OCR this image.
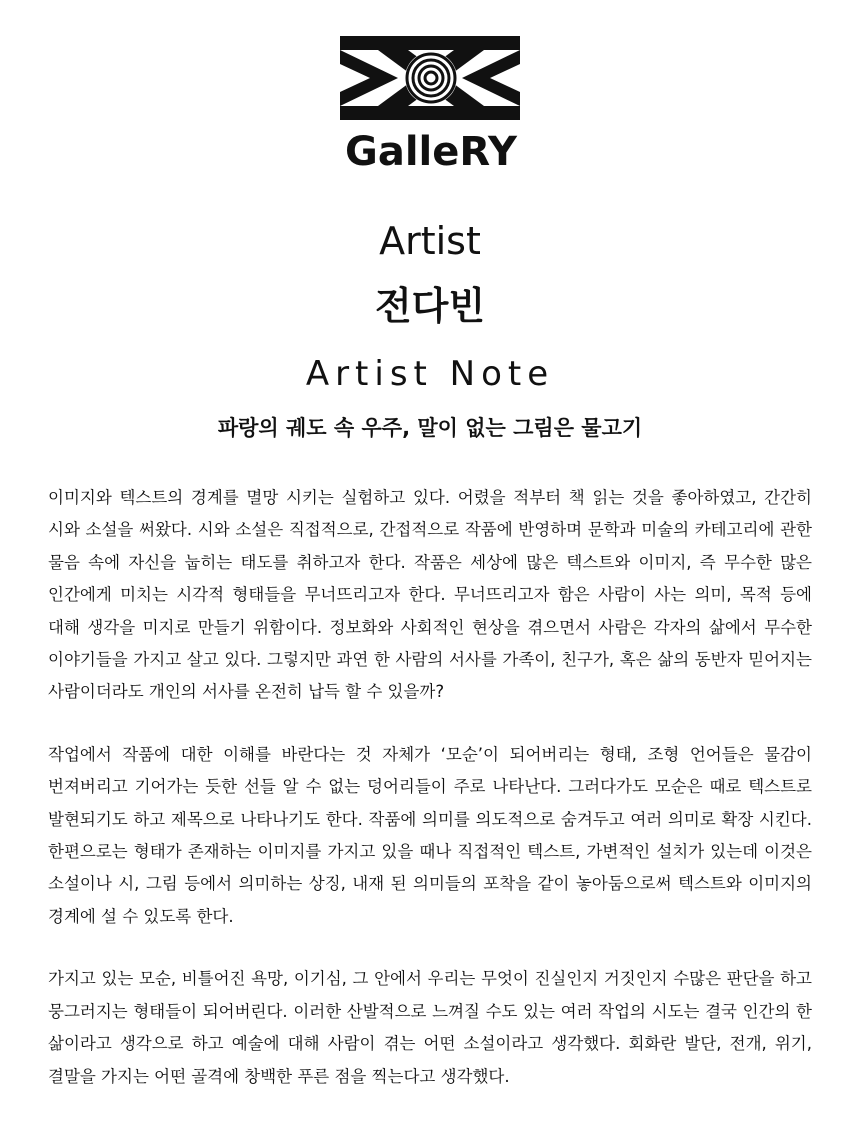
GalleRY
Artist
전다빈
Artist Note
파랑의 궤도 속 우주, 말이 없는 그림은 물고기

이미지와 텍스트의 경계를 멸망 시키는 실험하고 있다. 어렸을 적부터 책 읽는 것을 좋아하였고, 간간히 시와 소설을 써왔다. 시와 소설은 직접적으로, 간접적으로 작품에 반영하며 문학과 미술의 카테고리에 관한 물음 속에 자신을 눕히는 태도를 취하고자 한다. 작품은 세상에 많은 텍스트와 이미지, 즉 무수한 많은 인간에게 미치는 시각적 형태들을 무너뜨리고자 한다. 무너뜨리고자 함은 사람이 사는 의미, 목적 등에 대해 생각을 미지로 만들기 위함이다. 정보화와 사회적인 현상을 겪으면서 사람은 각자의 삶에서 무수한 이야기들을 가지고 살고 있다. 그렇지만 과연 한 사람의 서사를 가족이, 친구가, 혹은 삶의 동반자 믿어지는 사람이더라도 개인의 서사를 온전히 납득 할 수 있을까?

작업에서 작품에 대한 이해를 바란다는 것 자체가 ‘모순’이 되어버리는 형태, 조형 언어들은 물감이 번져버리고 기어가는 듯한 선들 알 수 없는 덩어리들이 주로 나타난다. 그러다가도 모순은 때로 텍스트로 발현되기도 하고 제목으로 나타나기도 한다. 작품에 의미를 의도적으로 숨겨두고 여러 의미로 확장 시킨다. 한편으로는 형태가 존재하는 이미지를 가지고 있을 때나 직접적인 텍스트, 가변적인 설치가 있는데 이것은 소설이나 시, 그림 등에서 의미하는 상징, 내재 된 의미들의 포착을 같이 놓아둠으로써 텍스트와 이미지의 경계에 설 수 있도록 한다.

가지고 있는 모순, 비틀어진 욕망, 이기심, 그 안에서 우리는 무엇이 진실인지 거짓인지 수많은 판단을 하고 뭉그러지는 형태들이 되어버린다. 이러한 산발적으로 느껴질 수도 있는 여러 작업의 시도는 결국 인간의 한 삶이라고 생각으로 하고 예술에 대해 사람이 겪는 어떤 소설이라고 생각했다. 회화란 발단, 전개, 위기, 결말을 가지는 어떤 골격에 창백한 푸른 점을 찍는다고 생각했다.
